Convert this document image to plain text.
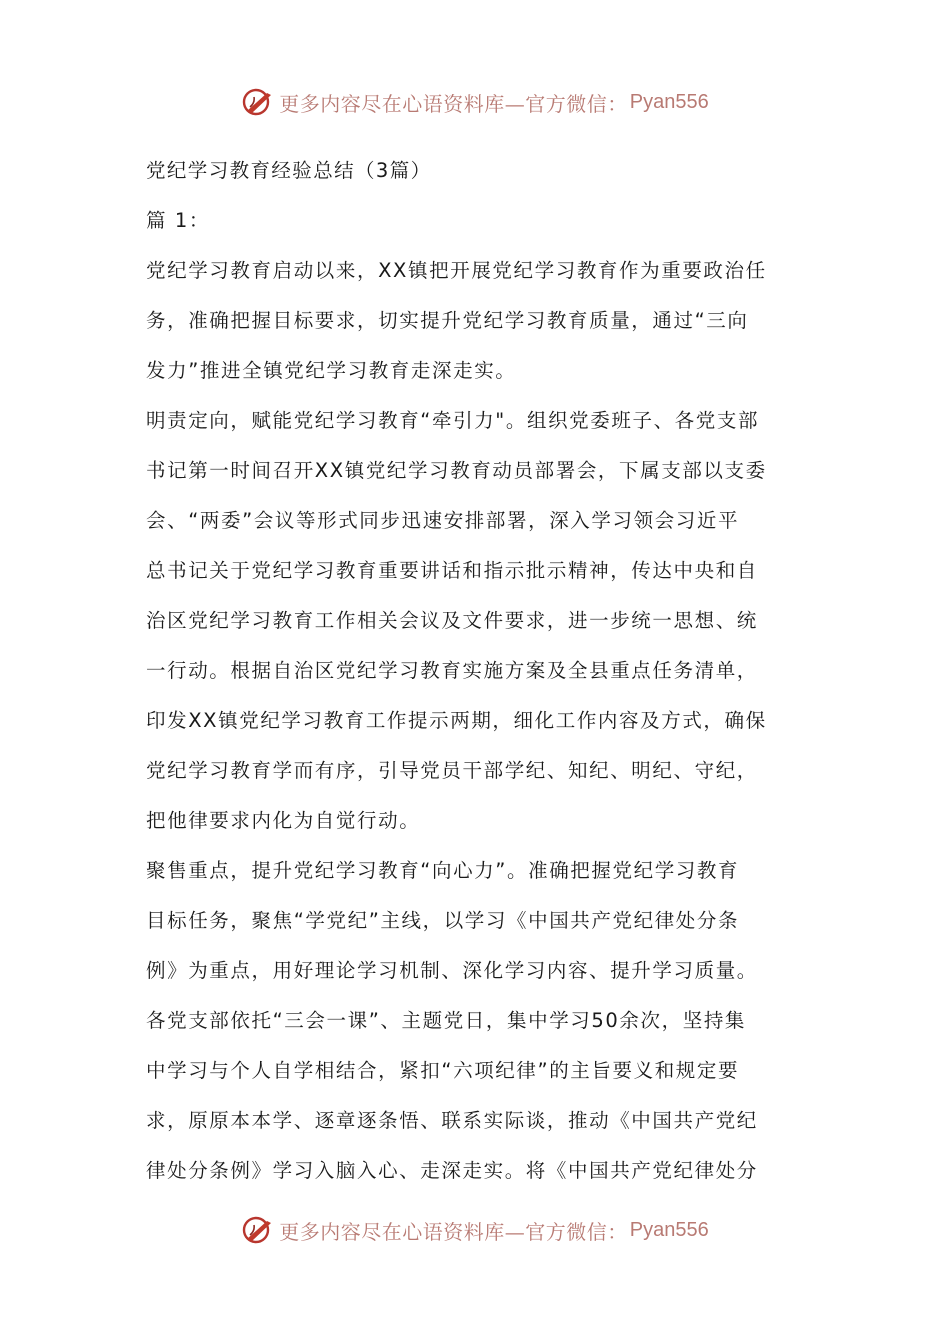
更多内容尽在心语资料库—官方微信： Pyan556
党纪学习教育经验总结（3篇）
篇 1：
党纪学习教育启动以来，XX镇把开展党纪学习教育作为重要政治任
务，准确把握目标要求，切实提升党纪学习教育质量，通过“三向
发力”推进全镇党纪学习教育走深走实。
明责定向，赋能党纪学习教育“牵引力"。组织党委班子、各党支部
书记第一时间召开XX镇党纪学习教育动员部署会，下属支部以支委
会、“两委”会议等形式同步迅速安排部署，深入学习领会习近平
总书记关于党纪学习教育重要讲话和指示批示精神，传达中央和自
治区党纪学习教育工作相关会议及文件要求，进一步统一思想、统
一行动。根据自治区党纪学习教育实施方案及全县重点任务清单，
印发XX镇党纪学习教育工作提示两期，细化工作内容及方式，确保
党纪学习教育学而有序，引导党员干部学纪、知纪、明纪、守纪，
把他律要求内化为自觉行动。
聚售重点，提升党纪学习教育“向心力”。准确把握党纪学习教育
目标任务，聚焦“学党纪”主线，以学习《中国共产党纪律处分条
例》为重点，用好理论学习机制、深化学习内容、提升学习质量。
各党支部依托“三会一课”、主题党日，集中学习50余次，坚持集
中学习与个人自学相结合，紧扣“六项纪律”的主旨要义和规定要
求，原原本本学、逐章逐条悟、联系实际谈，推动《中国共产党纪
律处分条例》学习入脑入心、走深走实。将《中国共产党纪律处分
更多内容尽在心语资料库—官方微信： Pyan556
